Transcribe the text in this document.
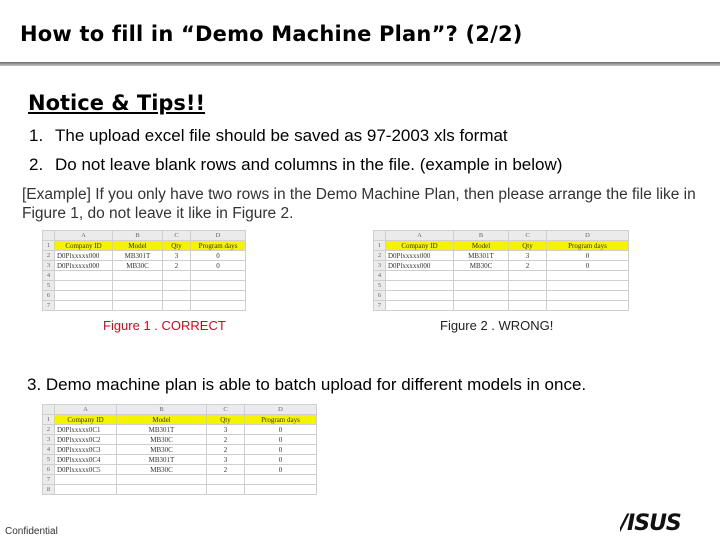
How to fill in “Demo Machine Plan”? (2/2)
Notice & Tips!!
1. The upload excel file should be saved as 97-2003 xls format
2. Do not leave blank rows and columns in the file. (example in below)
[Example] If you only have two rows in the Demo Machine Plan, then please arrange the file like in Figure 1, do not leave it like in Figure 2.
	A	B	C	D
1	Company ID	Model	Qty	Program days
2	D0Plxxxxx000	MB301T	3	0
3	D0Plxxxxx000	MB30C	2	0
4				
5				
6				
7				
Figure 1 . CORRECT
	A	B	C	D
1	Company ID	Model	Qty	Program days
2	D0Plxxxxx000	MB301T	3	0
3	D0Plxxxxx000	MB30C	2	0
4				
5				
6				
7				
Figure 2 . WRONG!
3. Demo machine plan is able to batch upload for different models in once.
	A	B	C	D
1	Company ID	Model	Qty	Program days
2	D0Plxxxxx0C1	MB301T	3	0
3	D0Plxxxxx0C2	MB30C	2	0
4	D0Plxxxxx0C3	MB30C	2	0
5	D0Plxxxxx0C4	MB301T	3	0
6	D0Plxxxxx0C5	MB30C	2	0
7				
8				
Confidential	/ISUS
